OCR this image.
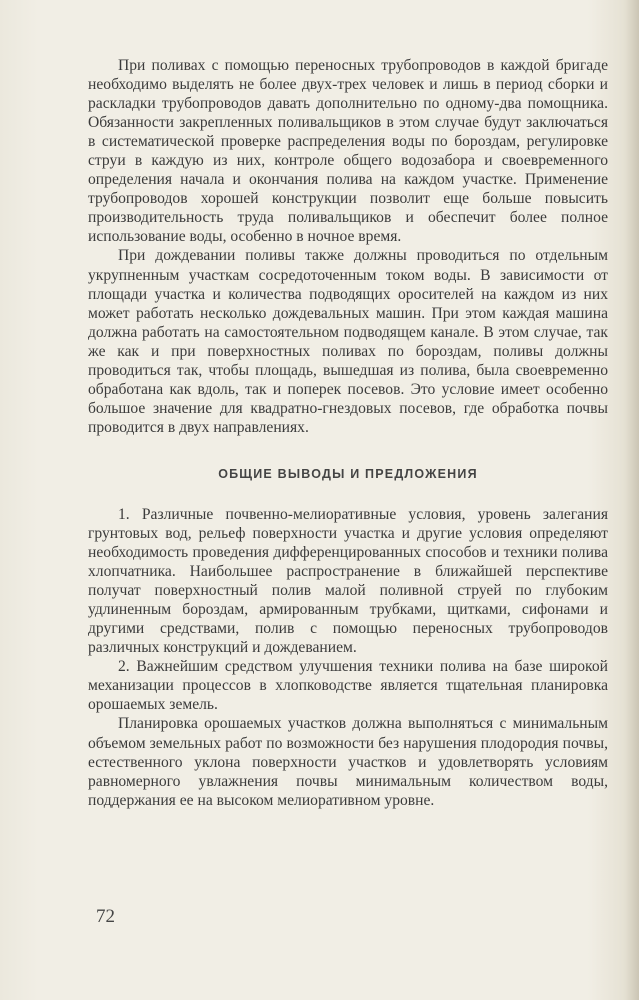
При поливах с помощью переносных трубопроводов в каждой бригаде необходимо выделять не более двух-трех человек и лишь в период сборки и раскладки трубопроводов давать дополнительно по одному-два помощника. Обязанности закрепленных поливальщиков в этом случае будут заключаться в систематической проверке распределения воды по бороздам, регулировке струи в каждую из них, контроле общего водозабора и своевременного определения начала и окончания полива на каждом участке. Применение трубопроводов хорошей конструкции позволит еще больше повысить производительность труда поливальщиков и обеспечит более полное использование воды, особенно в ночное время.

При дождевании поливы также должны проводиться по отдельным укрупненным участкам сосредоточенным током воды. В зависимости от площади участка и количества подводящих оросителей на каждом из них может работать несколько дождевальных машин. При этом каждая машина должна работать на самостоятельном подводящем канале. В этом случае, так же как и при поверхностных поливах по бороздам, поливы должны проводиться так, чтобы площадь, вышедшая из полива, была своевременно обработана как вдоль, так и поперек посевов. Это условие имеет особенно большое значение для квадратно-гнездовых посевов, где обработка почвы проводится в двух направлениях.

ОБЩИЕ ВЫВОДЫ И ПРЕДЛОЖЕНИЯ

1. Различные почвенно-мелиоративные условия, уровень залегания грунтовых вод, рельеф поверхности участка и другие условия определяют необходимость проведения дифференцированных способов и техники полива хлопчатника. Наибольшее распространение в ближайшей перспективе получат поверхностный полив малой поливной струей по глубоким удлиненным бороздам, армированным трубками, щитками, сифонами и другими средствами, полив с помощью переносных трубопроводов различных конструкций и дождеванием.

2. Важнейшим средством улучшения техники полива на базе широкой механизации процессов в хлопководстве является тщательная планировка орошаемых земель.

Планировка орошаемых участков должна выполняться с минимальным объемом земельных работ по возможности без нарушения плодородия почвы, естественного уклона поверхности участков и удовлетворять условиям равномерного увлажнения почвы минимальным количеством воды, поддержания ее на высоком мелиоративном уровне.

72
